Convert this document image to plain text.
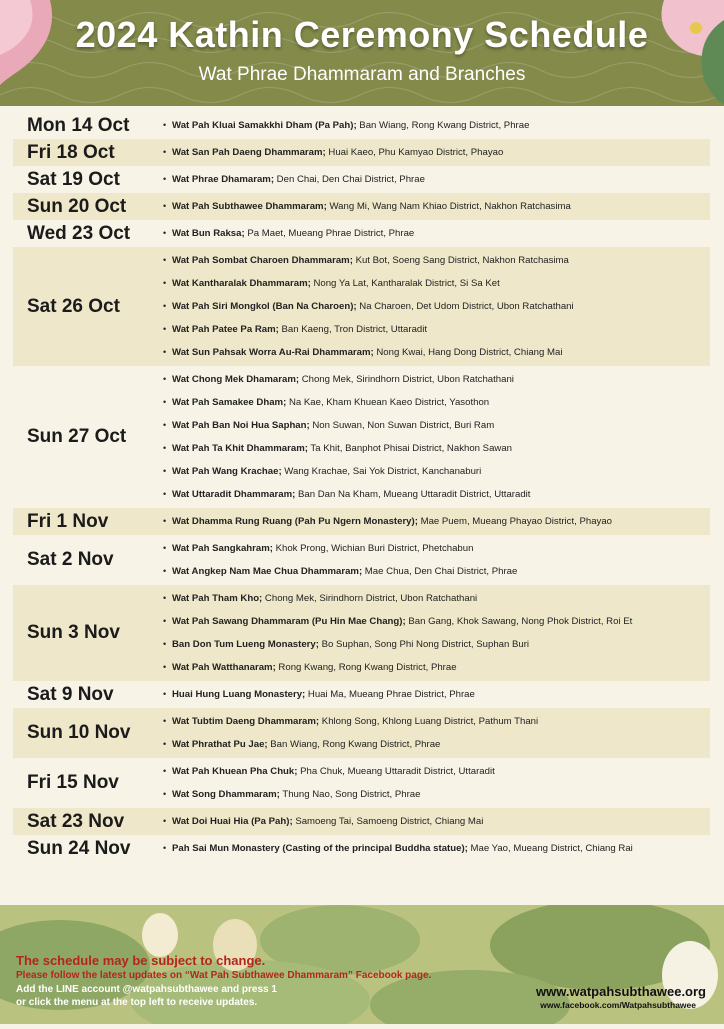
2024 Kathin Ceremony Schedule
Wat Phrae Dhammaram and Branches
Mon 14 Oct	• Wat Pah Kluai Samakkhi Dham (Pa Pah); Ban Wiang, Rong Kwang District, Phrae
Fri 18 Oct	• Wat San Pah Daeng Dhammaram; Huai Kaeo, Phu Kamyao District, Phayao
Sat 19 Oct	• Wat Phrae Dhamaram; Den Chai, Den Chai District, Phrae
Sun 20 Oct	• Wat Pah Subthawee Dhammaram; Wang Mi, Wang Nam Khiao District, Nakhon Ratchasima
Wed 23 Oct	• Wat Bun Raksa; Pa Maet, Mueang Phrae District, Phrae
Sat 26 Oct
• Wat Pah Sombat Charoen Dhammaram; Kut Bot, Soeng Sang District, Nakhon Ratchasima
• Wat Kantharalak Dhammaram; Nong Ya Lat, Kantharalak District, Si Sa Ket
• Wat Pah Siri Mongkol (Ban Na Charoen); Na Charoen, Det Udom District, Ubon Ratchathani
• Wat Pah Patee Pa Ram; Ban Kaeng, Tron District, Uttaradit
• Wat Sun Pahsak Worra Au-Rai Dhammaram; Nong Kwai, Hang Dong District, Chiang Mai
Sun 27 Oct
• Wat Chong Mek Dhamaram; Chong Mek, Sirindhorn District, Ubon Ratchathani
• Wat Pah Samakee Dham; Na Kae, Kham Khuean Kaeo District, Yasothon
• Wat Pah Ban Noi Hua Saphan; Non Suwan, Non Suwan District, Buri Ram
• Wat Pah Ta Khit Dhammaram; Ta Khit, Banphot Phisai District, Nakhon Sawan
• Wat Pah Wang Krachae; Wang Krachae, Sai Yok District, Kanchanaburi
• Wat Uttaradit Dhammaram; Ban Dan Na Kham, Mueang Uttaradit District, Uttaradit
Fri 1 Nov	• Wat Dhamma Rung Ruang (Pah Pu Ngern Monastery); Mae Puem, Mueang Phayao District, Phayao
Sat 2 Nov
• Wat Pah Sangkahram; Khok Prong, Wichian Buri District, Phetchabun
• Wat Angkep Nam Mae Chua Dhammaram; Mae Chua, Den Chai District, Phrae
Sun 3 Nov
• Wat Pah Tham Kho; Chong Mek, Sirindhorn District, Ubon Ratchathani
• Wat Pah Sawang Dhammaram (Pu Hin Mae Chang); Ban Gang, Khok Sawang, Nong Phok District, Roi Et
• Ban Don Tum Lueng Monastery; Bo Suphan, Song Phi Nong District, Suphan Buri
• Wat Pah Watthanaram; Rong Kwang, Rong Kwang District, Phrae
Sat 9 Nov	• Huai Hung Luang Monastery; Huai Ma, Mueang Phrae District, Phrae
Sun 10 Nov
• Wat Tubtim Daeng Dhammaram; Khlong Song, Khlong Luang District, Pathum Thani
• Wat Phrathat Pu Jae; Ban Wiang, Rong Kwang District, Phrae
Fri 15 Nov
• Wat Pah Khuean Pha Chuk; Pha Chuk, Mueang Uttaradit District, Uttaradit
• Wat Song Dhammaram; Thung Nao, Song District, Phrae
Sat 23 Nov	• Wat Doi Huai Hia (Pa Pah); Samoeng Tai, Samoeng District, Chiang Mai
Sun 24 Nov	• Pah Sai Mun Monastery (Casting of the principal Buddha statue); Mae Yao, Mueang District, Chiang Rai
The schedule may be subject to change.
Please follow the latest updates on “Wat Pah Subthawee Dhammaram” Facebook page.
Add the LINE account @watpahsubthawee and press 1
or click the menu at the top left to receive updates.
www.watpahsubthawee.org
www.facebook.com/Watpahsubthawee
